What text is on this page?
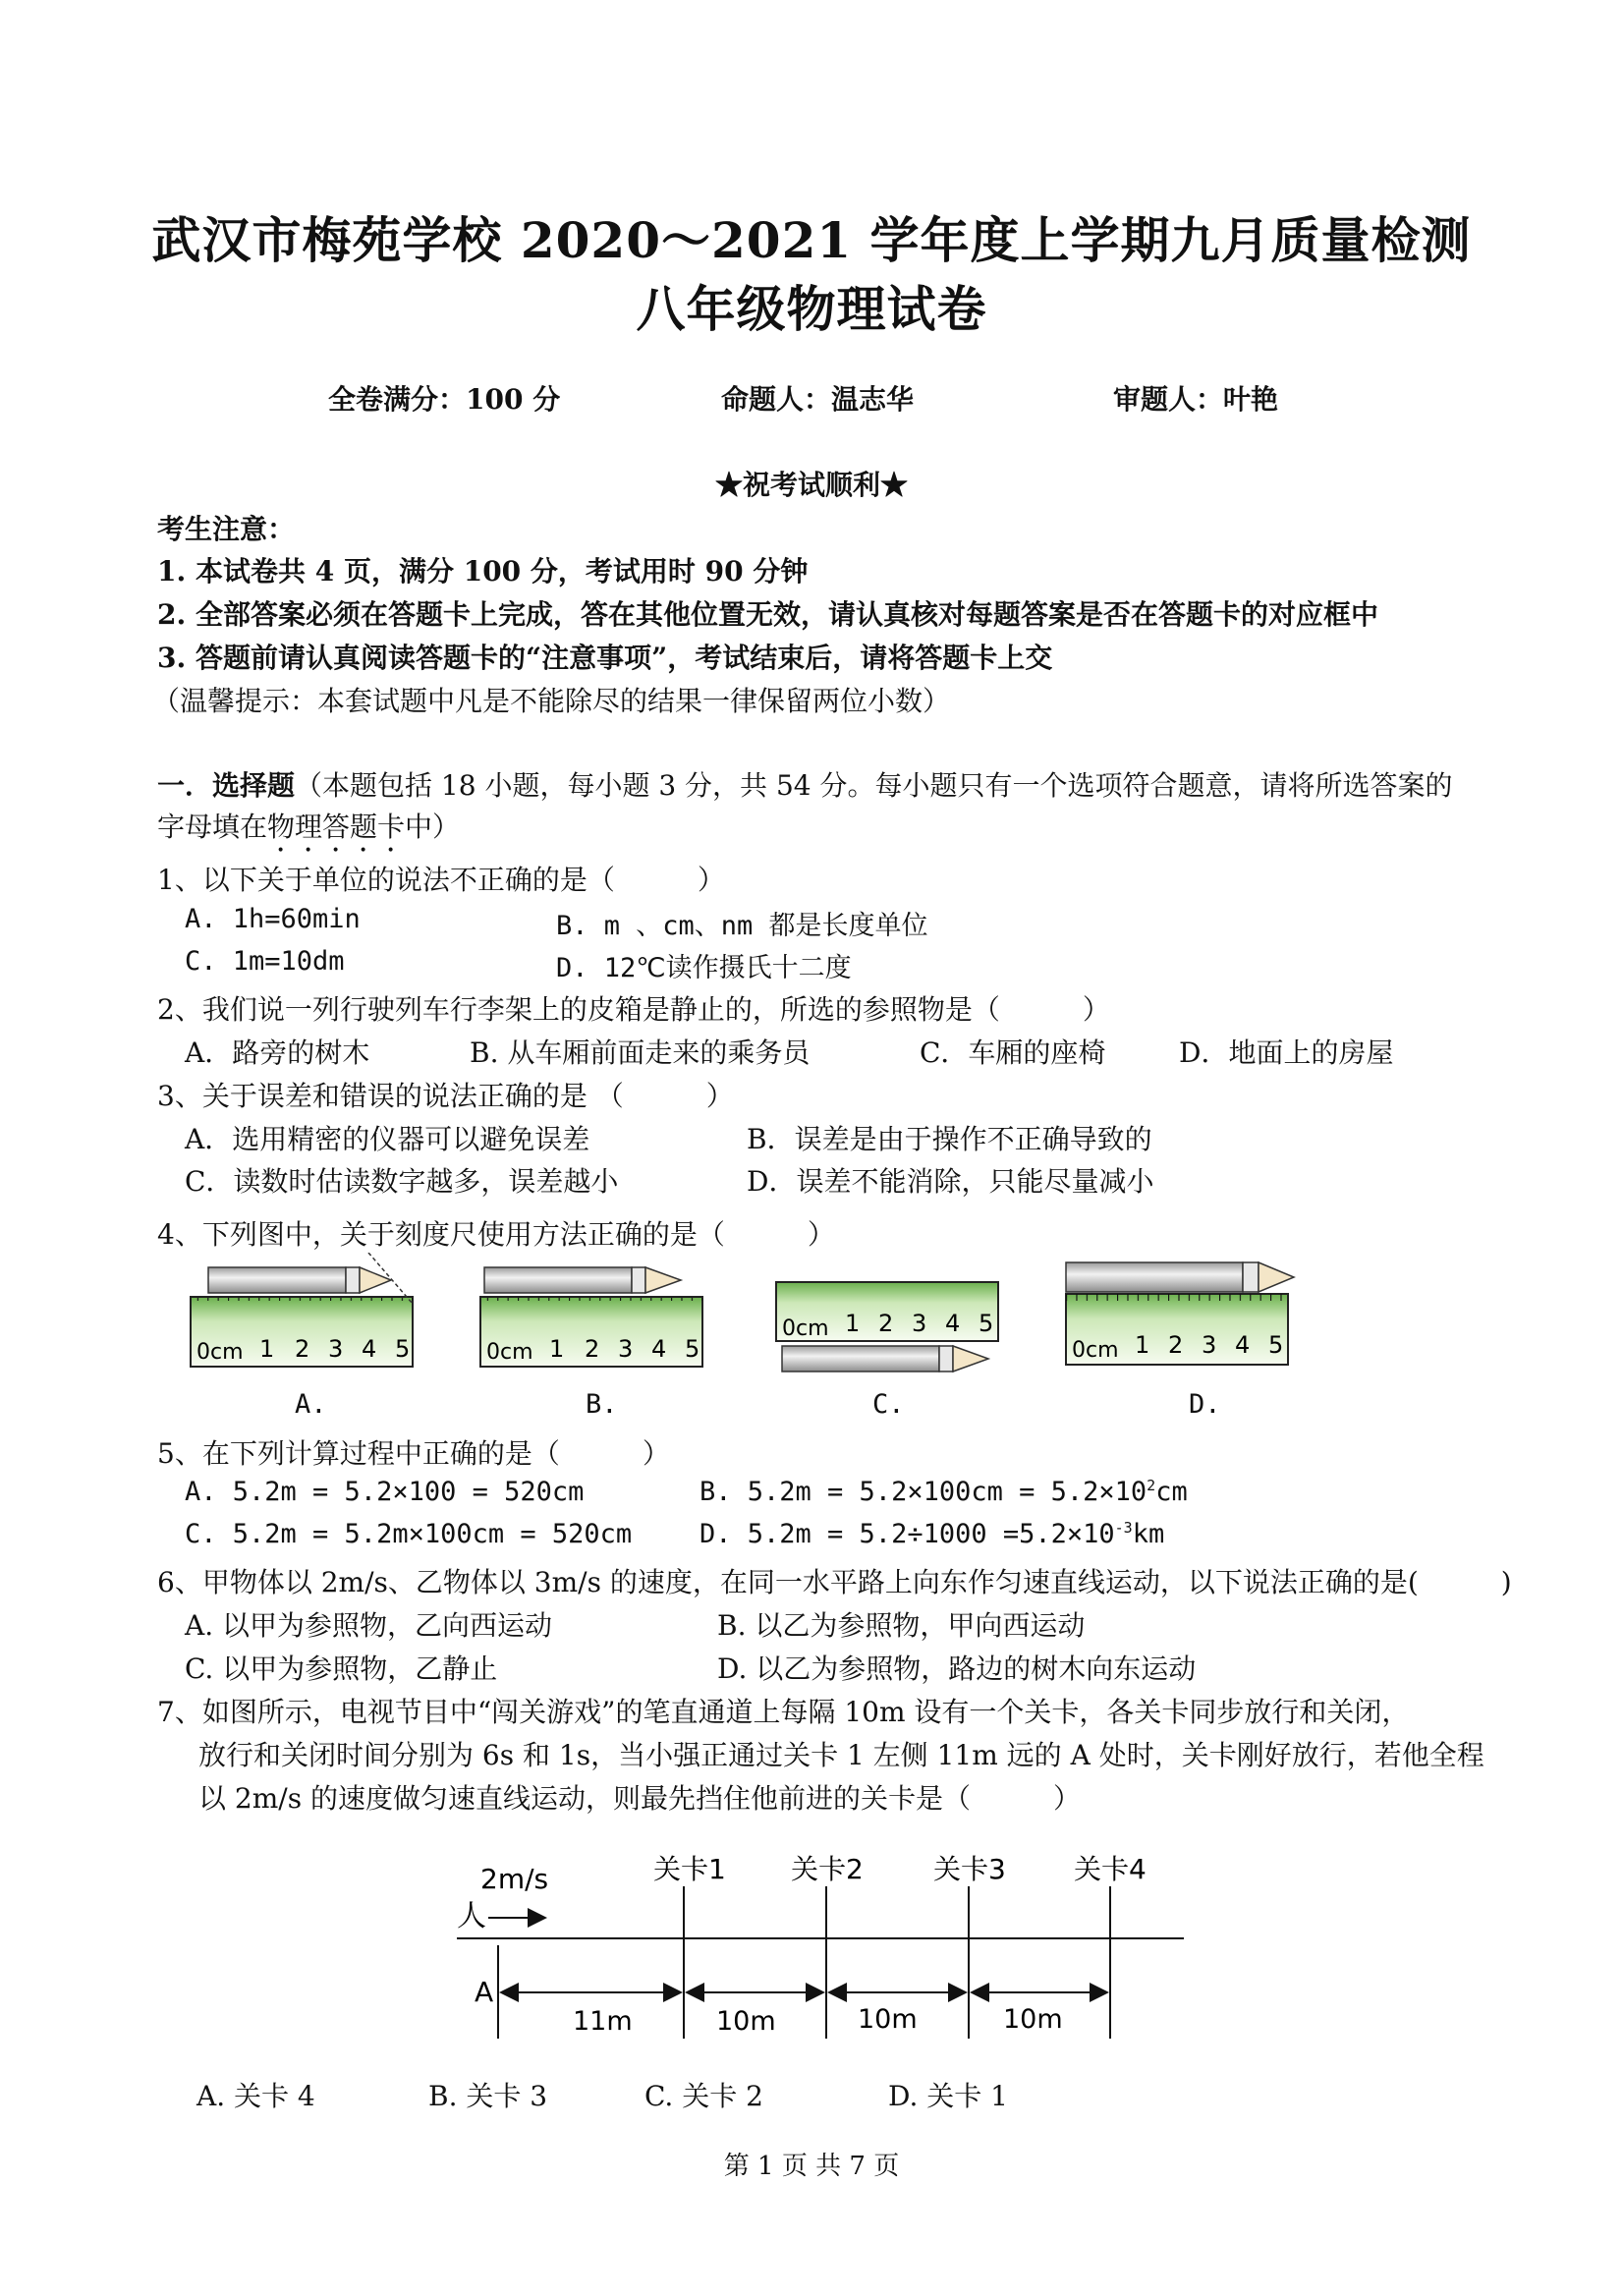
武汉市梅苑学校 2020～2021 学年度上学期九月质量检测
八年级物理试卷
全卷满分：100 分	命题人：温志华	审题人：叶艳
★祝考试顺利★
考生注意：
1. 本试卷共 4 页，满分 100 分，考试用时 90 分钟
2. 全部答案必须在答题卡上完成，答在其他位置无效，请认真核对每题答案是否在答题卡的对应框中
3. 答题前请认真阅读答题卡的“注意事项”，考试结束后，请将答题卡上交
（温馨提示：本套试题中凡是不能除尽的结果一律保留两位小数）
一．选择题（本题包括 18 小题，每小题 3 分，共 54 分。每小题只有一个选项符合题意，请将所选答案的
字母填在物理答题卡中）
1、以下关于单位的说法不正确的是（　　　）
A. 1h=60min	B. m 、cm、nm 都是长度单位
C. 1m=10dm	D. 12℃读作摄氏十二度
2、我们说一列行驶列车行李架上的皮箱是静止的，所选的参照物是（　　　）
A．路旁的树木	B. 从车厢前面走来的乘务员	C．车厢的座椅	D．地面上的房屋
3、关于误差和错误的说法正确的是 （　　　）
A．选用精密的仪器可以避免误差	B．误差是由于操作不正确导致的
C．读数时估读数字越多，误差越小	D．误差不能消除，只能尽量减小
4、下列图中，关于刻度尺使用方法正确的是（　　　）
0cm 1 2 3 4 5	0cm 1 2 3 4 5
0cm 1 2 3 4 5
0cm 1 2 3 4 5
A.	B.	C.	D.
5、在下列计算过程中正确的是（　　　）
A. 5.2m = 5.2×100 = 520cm	B. $5.2m = 5.2\times 100cm = 5.2\times 10^2cm$
C. 5.2m = 5.2m×100cm = 520cm	D. $5.2m = 5.2\div 1000 =5.2\times 10^{-3}km$
6、甲物体以 2m/s、乙物体以 3m/s 的速度，在同一水平路上向东作匀速直线运动，以下说法正确的是(　　　)
A. 以甲为参照物，乙向西运动	B. 以乙为参照物，甲向西运动
C. 以甲为参照物，乙静止	D. 以乙为参照物，路边的树木向东运动
7、如图所示，电视节目中“闯关游戏”的笔直通道上每隔 10m 设有一个关卡，各关卡同步放行和关闭，
放行和关闭时间分别为 6s 和 1s，当小强正通过关卡 1 左侧 11m 远的 A 处时，关卡刚好放行，若他全程
以 2m/s 的速度做匀速直线运动，则最先挡住他前进的关卡是（　　　）
2m/s
人
关卡1 关卡2	关卡3 关卡4
A
11m	10m	10m	10m
A. 关卡 4	B. 关卡 3	C. 关卡 2	D. 关卡 1
第 1 页 共 7 页
